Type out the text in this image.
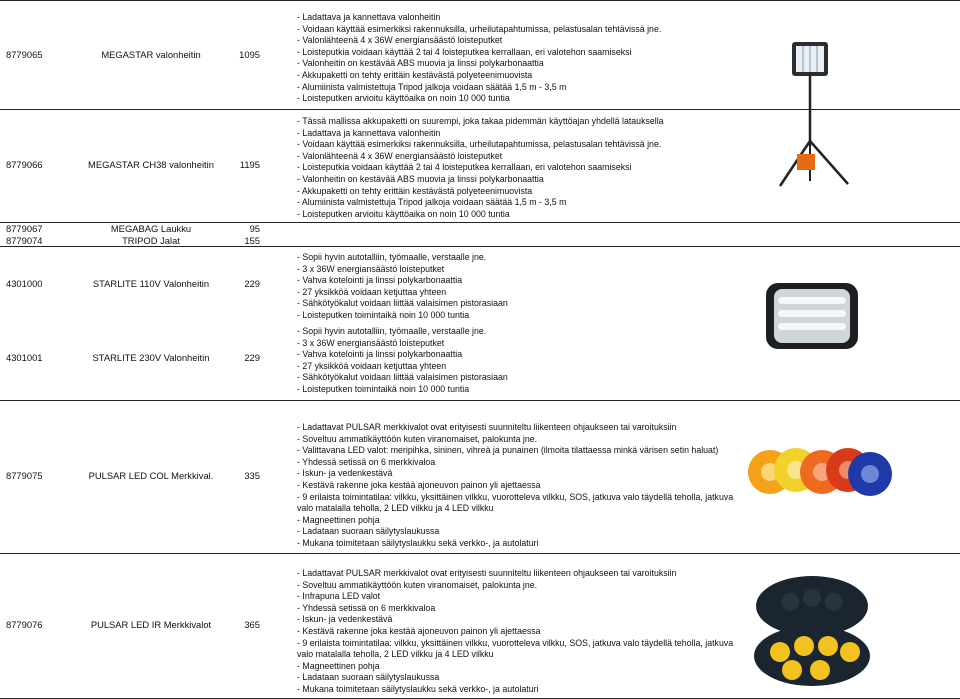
8779065	MEGASTAR valonheitin	1095
- Ladattava ja kannettava valonheitin
- Voidaan käyttää esimerkiksi rakennuksilla, urheilutapahtumissa, pelastusalan tehtävissä jne.
- Valonlähteenä 4 x 36W energiansäästö loisteputket
- Loisteputkia voidaan käyttää 2 tai 4 loisteputkea kerrallaan, eri valotehon saamiseksi
- Valonheitin on kestävää ABS muovia ja linssi polykarbonaattia
- Akkupaketti on tehty erittäin kestävästä polyeteenimuovista
- Alumiinista valmistettuja Tripod jalkoja voidaan säätää 1,5 m - 3,5 m
- Loisteputken arvioitu käyttöaika on noin 10 000 tuntia
8779066	MEGASTAR CH38 valonheitin	1195
- Tässä mallissa akkupaketti on suurempi, joka takaa pidemmän käyttöajan yhdellä latauksella
- Ladattava ja kannettava valonheitin
- Voidaan käyttää esimerkiksi rakennuksilla, urheilutapahtumissa, pelastusalan tehtävissä jne.
- Valonlähteenä 4 x 36W energiansäästö loisteputket
- Loisteputkia voidaan käyttää 2 tai 4 loisteputkea kerrallaan, eri valotehon saamiseksi
- Valonheitin on kestävää ABS muovia ja linssi polykarbonaattia
- Akkupaketti on tehty erittäin kestävästä polyeteenimuovista
- Alumiinista valmistettuja Tripod jalkoja voidaan säätää 1,5 m - 3,5 m
- Loisteputken arvioitu käyttöaika on noin 10 000 tuntia
8779067	MEGABAG Laukku	95
8779074	TRIPOD Jalat	155
4301000	STARLITE 110V Valonheitin	229
- Sopii hyvin autotalliin, työmaalle, verstaalle jne.
- 3 x 36W energiansäästö loisteputket
- Vahva kotelointi ja linssi polykarbonaattia
- 27 yksikköä voidaan ketjuttaa yhteen
- Sähkötyökalut voidaan liittää valaisimen pistorasiaan
- Loisteputken toimintaikä noin 10 000 tuntia
4301001	STARLITE 230V Valonheitin	229
- Sopii hyvin autotalliin, työmaalle, verstaalle jne.
- 3 x 36W energiansäästö loisteputket
- Vahva kotelointi ja linssi polykarbonaattia
- 27 yksikköä voidaan ketjuttaa yhteen
- Sähkötyökalut voidaan liittää valaisimen pistorasiaan
- Loisteputken toimintaikä noin 10 000 tuntia
8779075	PULSAR LED COL Merkkival.	335
- Ladattavat PULSAR merkkivalot ovat erityisesti suunniteltu liikenteen ohjaukseen tai varoituksiin
- Soveltuu ammatikäyttöön kuten viranomaiset, palokunta jne.
- Valittavana LED valot: meripihka, sininen, vihreä ja punainen (ilmoita tilattaessa minkä värisen setin haluat)
- Yhdessä setissä on 6 merkkivaloa
- Iskun- ja vedenkestävä
- Kestävä rakenne joka kestää ajoneuvon painon yli ajettaessa
- 9 erilaista toimintatilaa: vilkku, yksittäinen vilkku, vuorotteleva vilkku, SOS, jatkuva valo täydellä teholla, jatkuva valo matalalla teholla, 2 LED vilkku ja 4 LED vilkku
- Magneettinen pohja
- Ladataan suoraan säilytyslaukussa
- Mukana toimitetaan säilytyslaukku sekä verkko-, ja autolaturi
8779076	PULSAR LED IR Merkkivalot	365
- Ladattavat PULSAR merkkivalot ovat erityisesti suunniteltu liikenteen ohjaukseen tai varoituksiin
- Soveltuu ammatikäyttöön kuten viranomaiset, palokunta jne.
- Infrapuna LED valot
- Yhdessä setissä on 6 merkkivaloa
- Iskun- ja vedenkestävä
- Kestävä rakenne joka kestää ajoneuvon painon yli ajettaessa
- 9 erilaista toimintatilaa: vilkku, yksittäinen vilkku, vuorotteleva vilkku, SOS, jatkuva valo täydellä teholla, jatkuva valo matalalla teholla, 2 LED vilkku ja 4 LED vilkku
- Magneettinen pohja
- Ladataan suoraan säilytyslaukussa
- Mukana toimitetaan säilytyslaukku sekä verkko-, ja autolaturi
